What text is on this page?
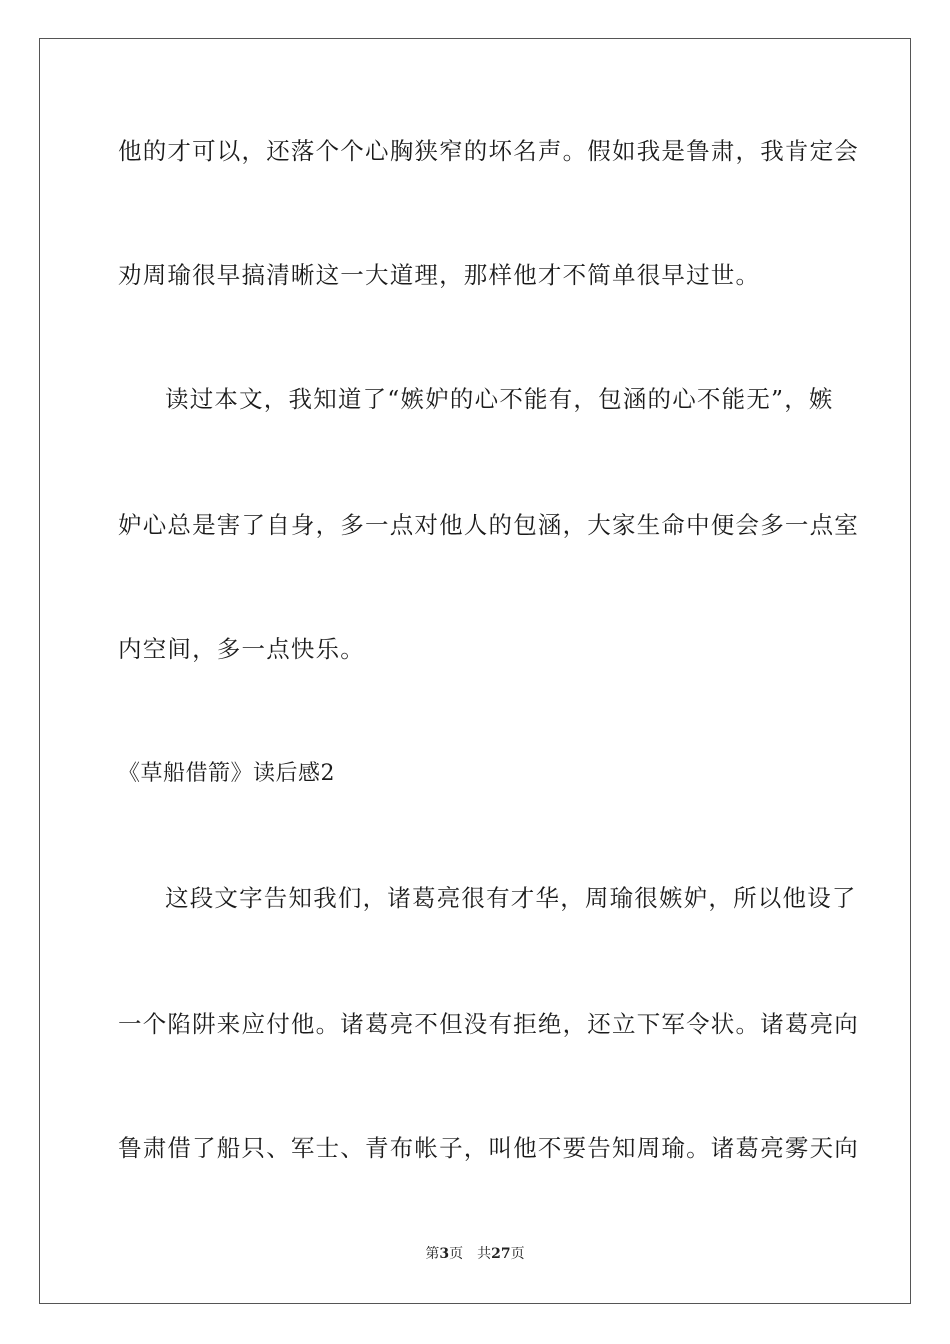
他的才可以，还落个个心胸狭窄的坏名声。假如我是鲁肃，我肯定会
劝周瑜很早搞清晰这一大道理，那样他才不简单很早过世。
读过本文，我知道了“嫉妒的心不能有，包涵的心不能无”，嫉
妒心总是害了自身，多一点对他人的包涵，大家生命中便会多一点室
内空间，多一点快乐。
《草船借箭》读后感2
这段文字告知我们，诸葛亮很有才华，周瑜很嫉妒，所以他设了
一个陷阱来应付他。诸葛亮不但没有拒绝，还立下军令状。诸葛亮向
鲁肃借了船只、军士、青布帐子，叫他不要告知周瑜。诸葛亮雾天向
第3页 共27页
